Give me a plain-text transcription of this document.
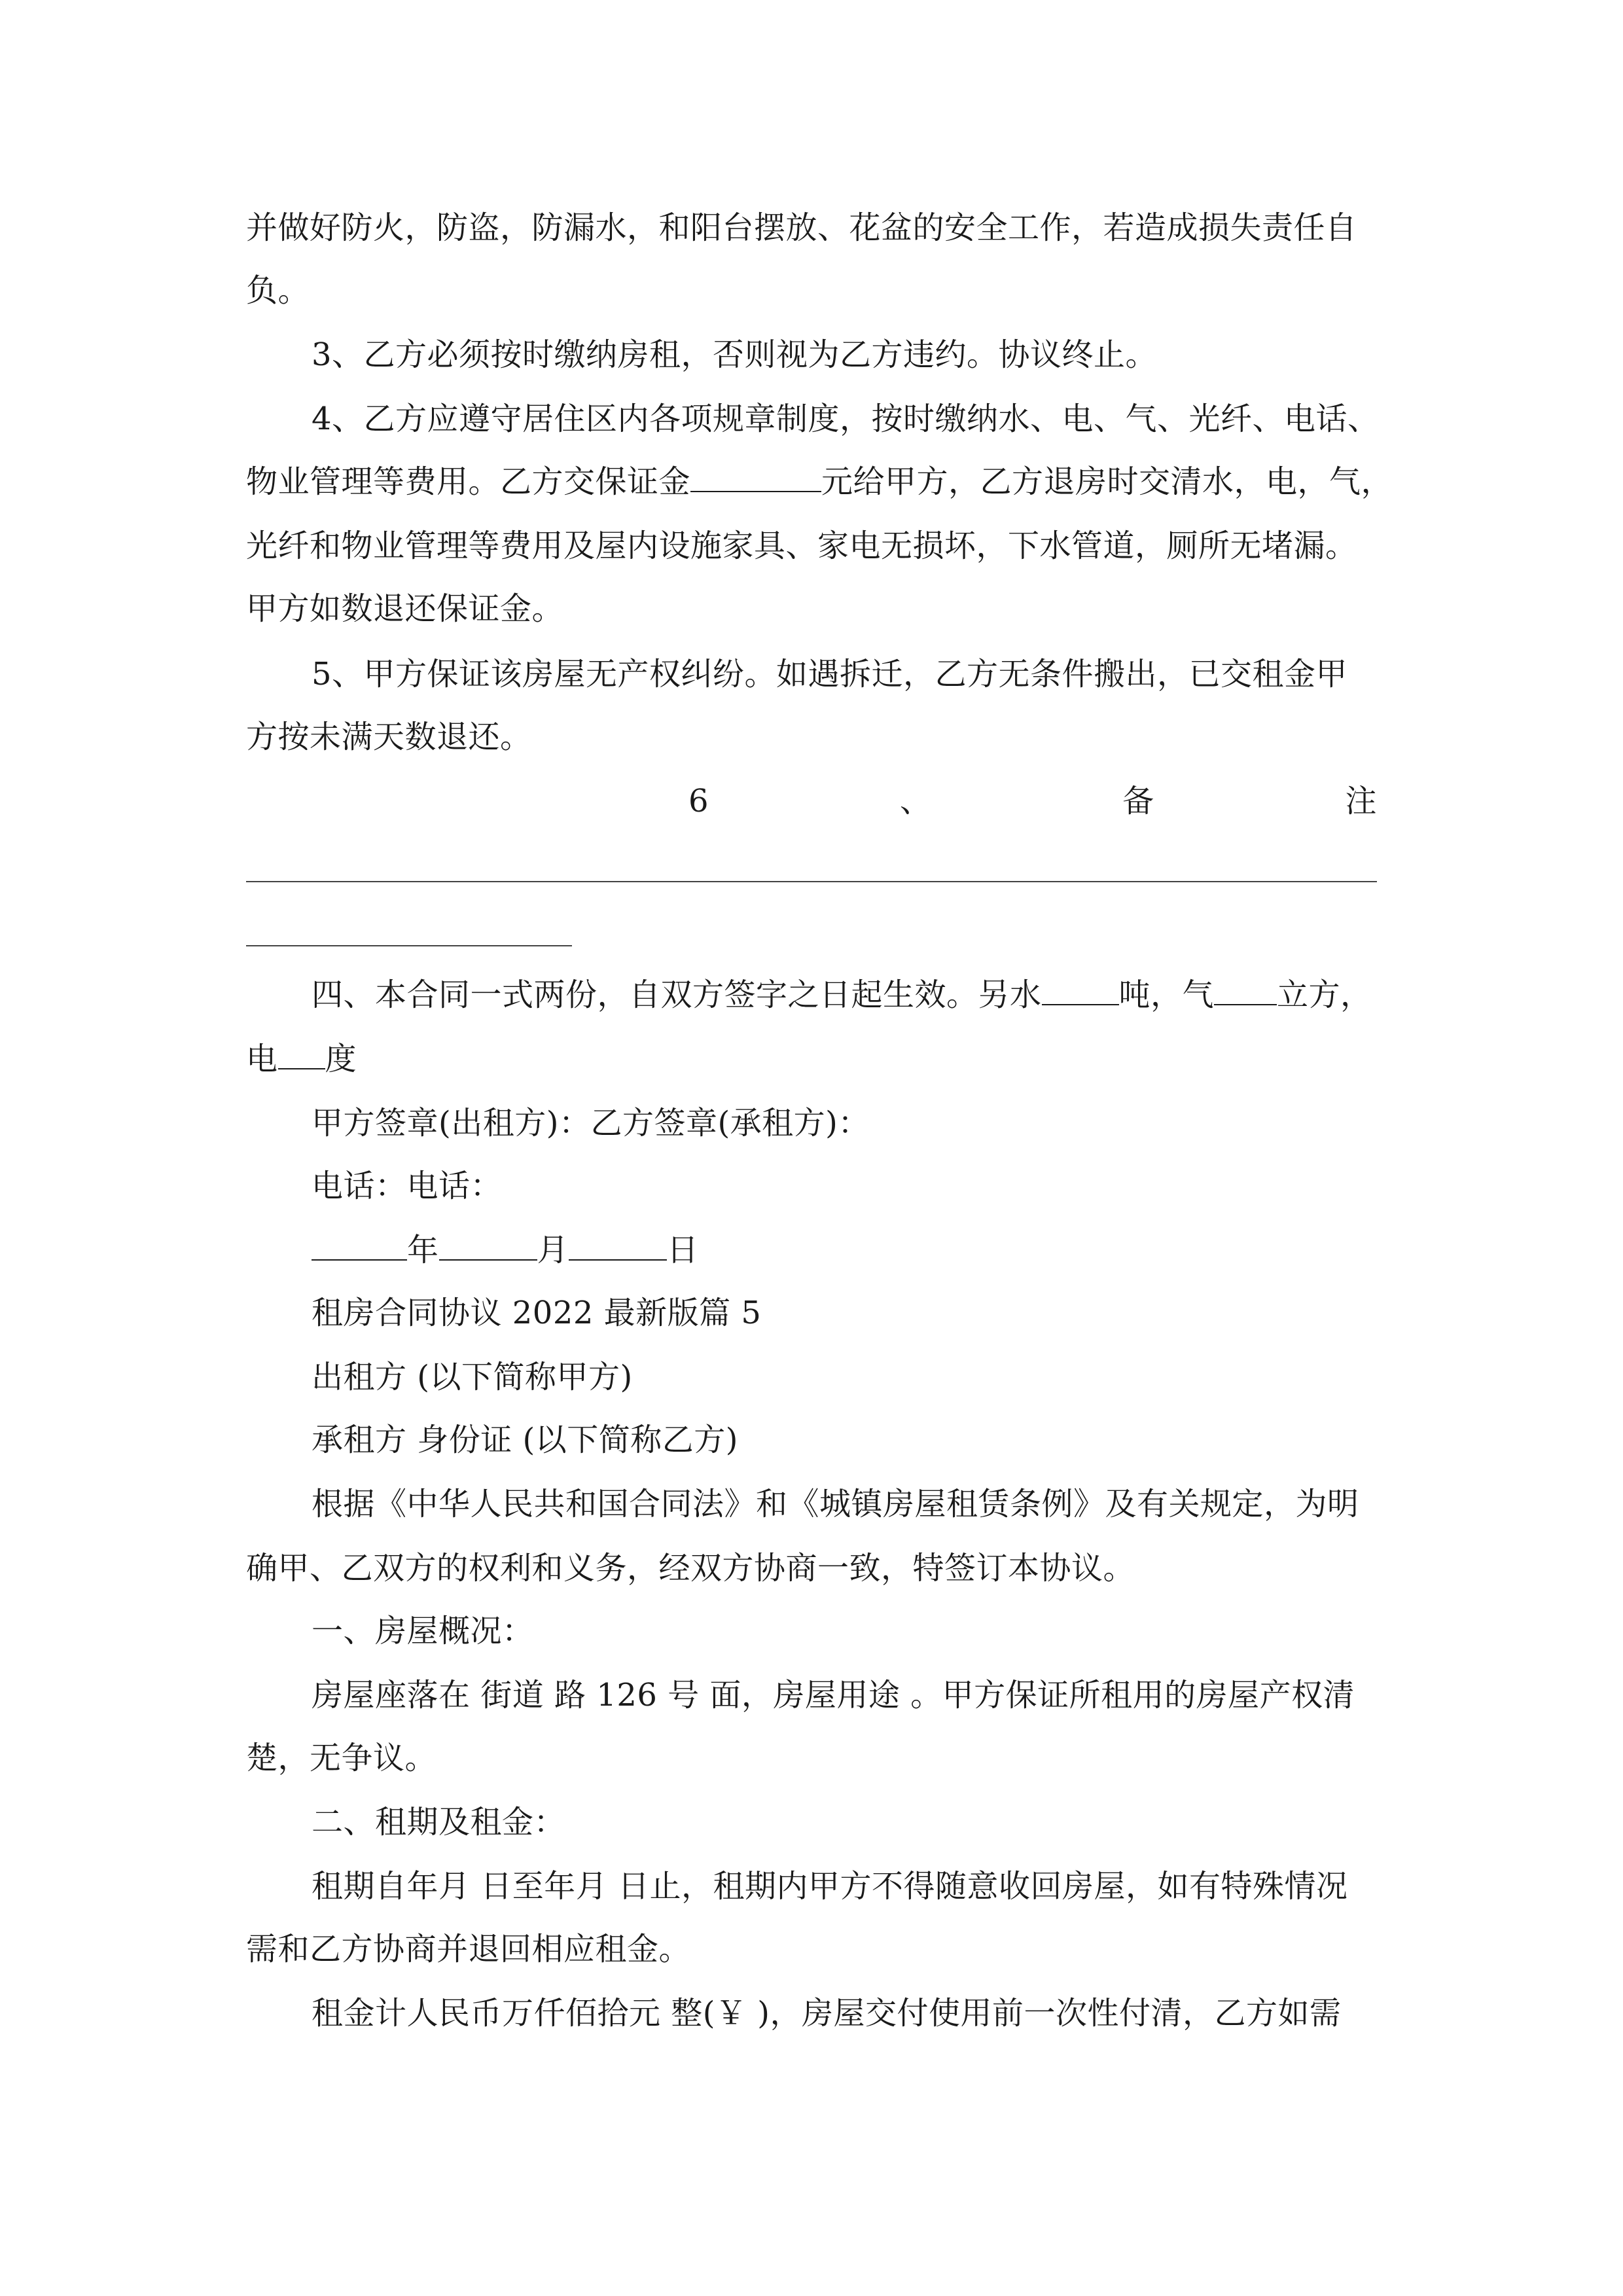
并做好防火，防盗，防漏水，和阳台摆放、花盆的安全工作，若造成损失责任自
负。
3、乙方必须按时缴纳房租，否则视为乙方违约。协议终止。
4、乙方应遵守居住区内各项规章制度，按时缴纳水、电、气、光纤、电话、
物业管理等费用。乙方交保证金	元给甲方，乙方退房时交清水，电，气，
光纤和物业管理等费用及屋内设施家具、家电无损坏，下水管道，厕所无堵漏。
甲方如数退还保证金。
5、甲方保证该房屋无产权纠纷。如遇拆迁，乙方无条件搬出，已交租金甲
方按未满天数退还。
6	、	备	注
四、本合同一式两份，自双方签字之日起生效。另水 吨，气 立方，
电 度
甲方签章(出租方)：乙方签章(承租方)：
电话：电话：
年	月	日
租房合同协议 2022 最新版篇 5
出租方 (以下简称甲方)
承租方 身份证 (以下简称乙方)
根据《中华人民共和国合同法》和《城镇房屋租赁条例》及有关规定，为明
确甲、乙双方的权利和义务，经双方协商一致，特签订本协议。
一、房屋概况：
房屋座落在 街道 路 126 号 面，房屋用途 。甲方保证所租用的房屋产权清
楚，无争议。
二、租期及租金：
租期自年月 日至年月 日止，租期内甲方不得随意收回房屋，如有特殊情况
需和乙方协商并退回相应租金。
租金计人民币万仟佰拾元 整(￥ )，房屋交付使用前一次性付清，乙方如需
